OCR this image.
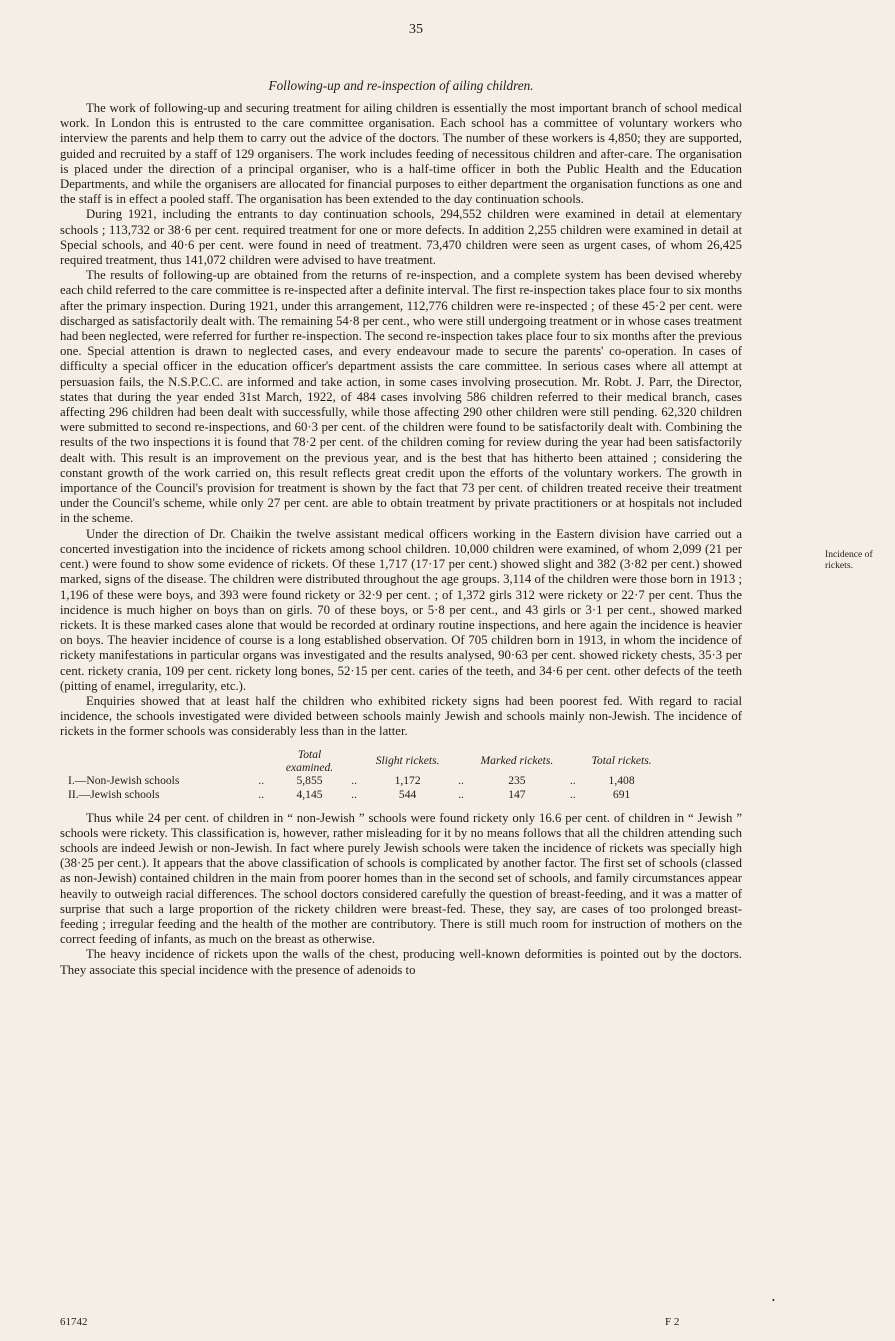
35
Following-up and re-inspection of ailing children.

The work of following-up and securing treatment for ailing children is essentially the most important branch of school medical work. In London this is entrusted to the care committee organisation. Each school has a committee of voluntary workers who interview the parents and help them to carry out the advice of the doctors. The number of these workers is 4,850; they are supported, guided and recruited by a staff of 129 organisers. The work includes feeding of necessitous children and after-care. The organisation is placed under the direction of a principal organiser, who is a half-time officer in both the Public Health and the Education Departments, and while the organisers are allocated for financial purposes to either department the organisation functions as one and the staff is in effect a pooled staff. The organisation has been extended to the day continuation schools.

During 1921, including the entrants to day continuation schools, 294,552 children were examined in detail at elementary schools ; 113,732 or 38·6 per cent. required treatment for one or more defects. In addition 2,255 children were examined in detail at Special schools, and 40·6 per cent. were found in need of treatment. 73,470 children were seen as urgent cases, of whom 26,425 required treatment, thus 141,072 children were advised to have treatment.

The results of following-up are obtained from the returns of re-inspection, and a complete system has been devised whereby each child referred to the care committee is re-inspected after a definite interval. The first re-inspection takes place four to six months after the primary inspection. During 1921, under this arrangement, 112,776 children were re-inspected ; of these 45·2 per cent. were discharged as satisfactorily dealt with. The remaining 54·8 per cent., who were still undergoing treatment or in whose cases treatment had been neglected, were referred for further re-inspection. The second re-inspection takes place four to six months after the previous one. Special attention is drawn to neglected cases, and every endeavour made to secure the parents' co-operation. In cases of difficulty a special officer in the education officer's department assists the care committee. In serious cases where all attempt at persuasion fails, the N.S.P.C.C. are informed and take action, in some cases involving prosecution. Mr. Robt. J. Parr, the Director, states that during the year ended 31st March, 1922, of 484 cases involving 586 children referred to their medical branch, cases affecting 296 children had been dealt with successfully, while those affecting 290 other children were still pending. 62,320 children were submitted to second re-inspections, and 60·3 per cent. of the children were found to be satisfactorily dealt with. Combining the results of the two inspections it is found that 78·2 per cent. of the children coming for review during the year had been satisfactorily dealt with. This result is an improvement on the previous year, and is the best that has hitherto been attained ; considering the constant growth of the work carried on, this result reflects great credit upon the efforts of the voluntary workers. The growth in importance of the Council's provision for treatment is shown by the fact that 73 per cent. of children treated receive their treatment under the Council's scheme, while only 27 per cent. are able to obtain treatment by private practitioners or at hospitals not included in the scheme.

Incidence of rickets.

Under the direction of Dr. Chaikin the twelve assistant medical officers working in the Eastern division have carried out a concerted investigation into the incidence of rickets among school children. 10,000 children were examined, of whom 2,099 (21 per cent.) were found to show some evidence of rickets. Of these 1,717 (17·17 per cent.) showed slight and 382 (3·82 per cent.) showed marked, signs of the disease. The children were distributed throughout the age groups. 3,114 of the children were those born in 1913 ; 1,196 of these were boys, and 393 were found rickety or 32·9 per cent. ; of 1,372 girls 312 were rickety or 22·7 per cent. Thus the incidence is much higher on boys than on girls. 70 of these boys, or 5·8 per cent., and 43 girls or 3·1 per cent., showed marked rickets. It is these marked cases alone that would be recorded at ordinary routine inspections, and here again the incidence is heavier on boys. The heavier incidence of course is a long established observation. Of 705 children born in 1913, in whom the incidence of rickety manifestations in particular organs was investigated and the results analysed, 90·63 per cent. showed rickety chests, 35·3 per cent. rickety crania, 109 per cent. rickety long bones, 52·15 per cent. caries of the teeth, and 34·6 per cent. other defects of the teeth (pitting of enamel, irregularity, etc.).

Enquiries showed that at least half the children who exhibited rickety signs had been poorest fed. With regard to racial incidence, the schools investigated were divided between schools mainly Jewish and schools mainly non-Jewish. The incidence of rickets in the former schools was considerably less than in the latter.

		Total examined.		Slight rickets.		Marked rickets.		Total rickets.
I.—Non-Jewish schools	..	5,855	..	1,172	..	235	..	1,408
II.—Jewish schools	..	4,145	..	544	..	147	..	691

Thus while 24 per cent. of children in “ non-Jewish ” schools were found rickety only 16.6 per cent. of children in “ Jewish ” schools were rickety. This classification is, however, rather misleading for it by no means follows that all the children attending such schools are indeed Jewish or non-Jewish. In fact where purely Jewish schools were taken the incidence of rickets was specially high (38·25 per cent.). It appears that the above classification of schools is complicated by another factor. The first set of schools (classed as non-Jewish) contained children in the main from poorer homes than in the second set of schools, and family circumstances appear heavily to outweigh racial differences. The school doctors considered carefully the question of breast-feeding, and it was a matter of surprise that such a large proportion of the rickety children were breast-fed. These, they say, are cases of too prolonged breast-feeding ; irregular feeding and the health of the mother are contributory. There is still much room for instruction of mothers on the correct feeding of infants, as much on the breast as otherwise.

The heavy incidence of rickets upon the walls of the chest, producing well-known deformities is pointed out by the doctors. They associate this special incidence with the presence of adenoids to

•
61742	F 2
